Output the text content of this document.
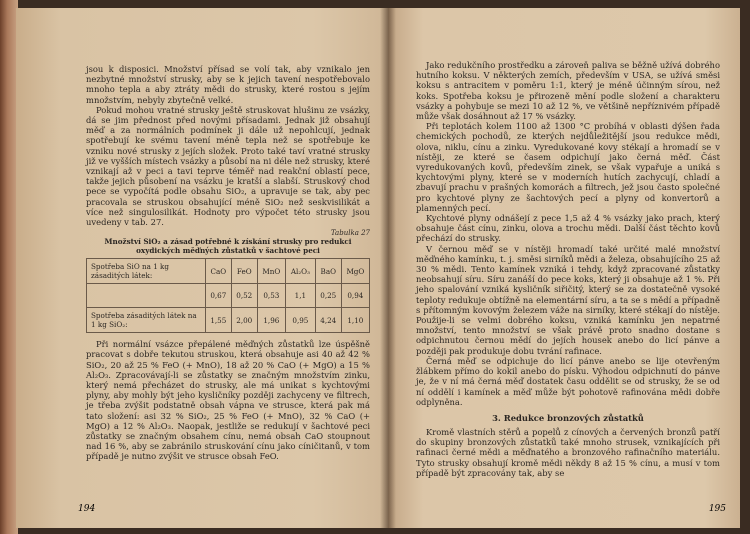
jsou k disposici. Množství přísad se volí tak, aby vznikalo jen nezbytné množství strusky, aby se k jejich tavení nespotřebovalo mnoho tepla a aby ztráty mědi do strusky, které rostou s jejím množstvím, nebyly zbytečně velké.

Pokud mohou vratné strusky ještě struskovat hlušinu ze vsázky, dá se jim přednost před novými přísadami. Jednak již obsahují měď a za normálních podmínek ji dále už nepohlcují, jednak spotřebují ke svému tavení méně tepla než se spotřebuje ke vzniku nové strusky z jejích složek. Proto také taví vratné strusky již ve vyšších místech vsázky a působí na ni déle než strusky, které vznikají až v peci a tavi teprve téměř nad reakční oblastí pece, takže jejich působení na vsázku je kratší a slabší. Struskový chod pece se vypočítá podle obsahu SiO₂, a upravuje se tak, aby pec pracovala se struskou obsahující méně SiO₂ než seskvisilikát a více než singulosilikát. Hodnoty pro výpočet této strusky jsou uvedeny v tab. 27.

Tabulka 27
Množství SiO₂ a zásad potřebné k získání strusky pro redukci oxydických měďných zůstatků v šachtové peci
Spotřeba SiO na 1 kg zásaditých látek:	CaO	FeO	MnO	Al₂O₃	BaO	MgO
	0,67	0,52	0,53	1,1	0,25	0,94
Spotřeba zásaditých látek na 1 kg SiO₂:	1,55	2,00	1,96	0,95	4,24	1,10

Při normální vsázce přepálené měďných zůstatků lze úspěšně pracovat s dobře tekutou struskou, která obsahuje asi 40 až 42 % SiO₂, 20 až 25 % FeO (+ MnO), 18 až 20 % CaO (+ MgO) a 15 % Al₂O₃. Zpracovávají-li se zůstatky se značným množstvím zinku, který nemá přecházet do strusky, ale má unikat s kychtovými plyny, aby mohly být jeho kysličníky později zachyceny ve filtrech, je třeba zvýšit podstatně obsah vápna ve strusce, která pak má tato složení: asi 32 % SiO₂, 25 % FeO (+ MnO), 32 % CaO (+ MgO) a 12 % Al₂O₃. Naopak, jestliže se redukují v šachtové peci zůstatky se značným obsahem cínu, nemá obsah CaO stoupnout nad 16 %, aby se zabránilo struskování cínu jako cíničitanů, v tom případě je nutno zvýšit ve strusce obsah FeO.

194

Jako redukčního prostředku a zároveň paliva se běžně užívá dobrého hutního koksu. V některých zemích, především v USA, se užívá směsi koksu s antracitem v poměru 1:1, který je méně účinným sírou, než koks. Spotřeba koksu je přirozeně mění podle složení a charakteru vsázky a pohybuje se mezi 10 až 12 %, ve většině nepříznivém případě může však dosáhnout až 17 % vsázky.

Při teplotách kolem 1100 až 1300 °C probíhá v oblasti dýšen řada chemických pochodů, ze kterých nejdůležitější jsou redukce mědi, olova, niklu, cínu a zinku. Vyredukované kovy stékají a hromadí se v nístěji, ze které se časem odpichují jako černá měď. Část vyredukovaných kovů, především zinek, se však vypařuje a uniká s kychtovými plyny, které se v moderních hutích zachycují, chladí a zbavují prachu v prašných komorách a filtrech, jež jsou často společné pro kychtové plyny ze šachtových pecí a plyny od konvertorů a plamenných pecí.

Kychtové plyny odnášejí z pece 1,5 až 4 % vsázky jako prach, který obsahuje část cínu, zinku, olova a trochu mědi. Další část těchto kovů přechází do strusky.

V černou měď se v nístěji hromadí také určité malé množství měďného kamínku, t. j. směsi sirníků mědi a železa, obsahujícího 25 až 30 % mědi. Tento kamínek vzniká i tehdy, když zpracované zůstatky neobsahují síru. Síru zanáší do pece koks, který ji obsahuje až 1 %. Při jeho spalování vzniká kysličník siřičitý, který se za dostatečně vysoké teploty redukuje obtížně na elementární síru, a ta se s mědí a případně s přítomným kovovým železem váže na sirníky, které stékají do nístěje. Použije-li se velmi dobrého koksu, vzniká kamínku jen nepatrné množství, tento množství se však právě proto snadno dostane s odpichnutou černou mědí do jejích housek anebo do licí pánve a později pak produkuje dobu tvrání rafinace.

Černá měď se odpichuje do licí pánve anebo se lije otevřeným žlábkem přímo do kokil anebo do písku. Výhodou odpichnutí do pánve je, že v ní má černá měď dostatek času oddělit se od strusky, že se od ní oddělí i kamínek a měď může být pohotově rafinována mědi dobře odplyněna.

3. Redukce bronzových zůstatků

Kromě vlastních stěrů a popelů z cínových a červených bronzů patří do skupiny bronzových zůstatků také mnoho strusek, vznikajících při rafinaci černé mědi a měďnatého a bronzového rafinačního materiálu. Tyto strusky obsahují kromě mědi někdy 8 až 15 % cínu, a musí v tom případě být zpracovány tak, aby se

195
